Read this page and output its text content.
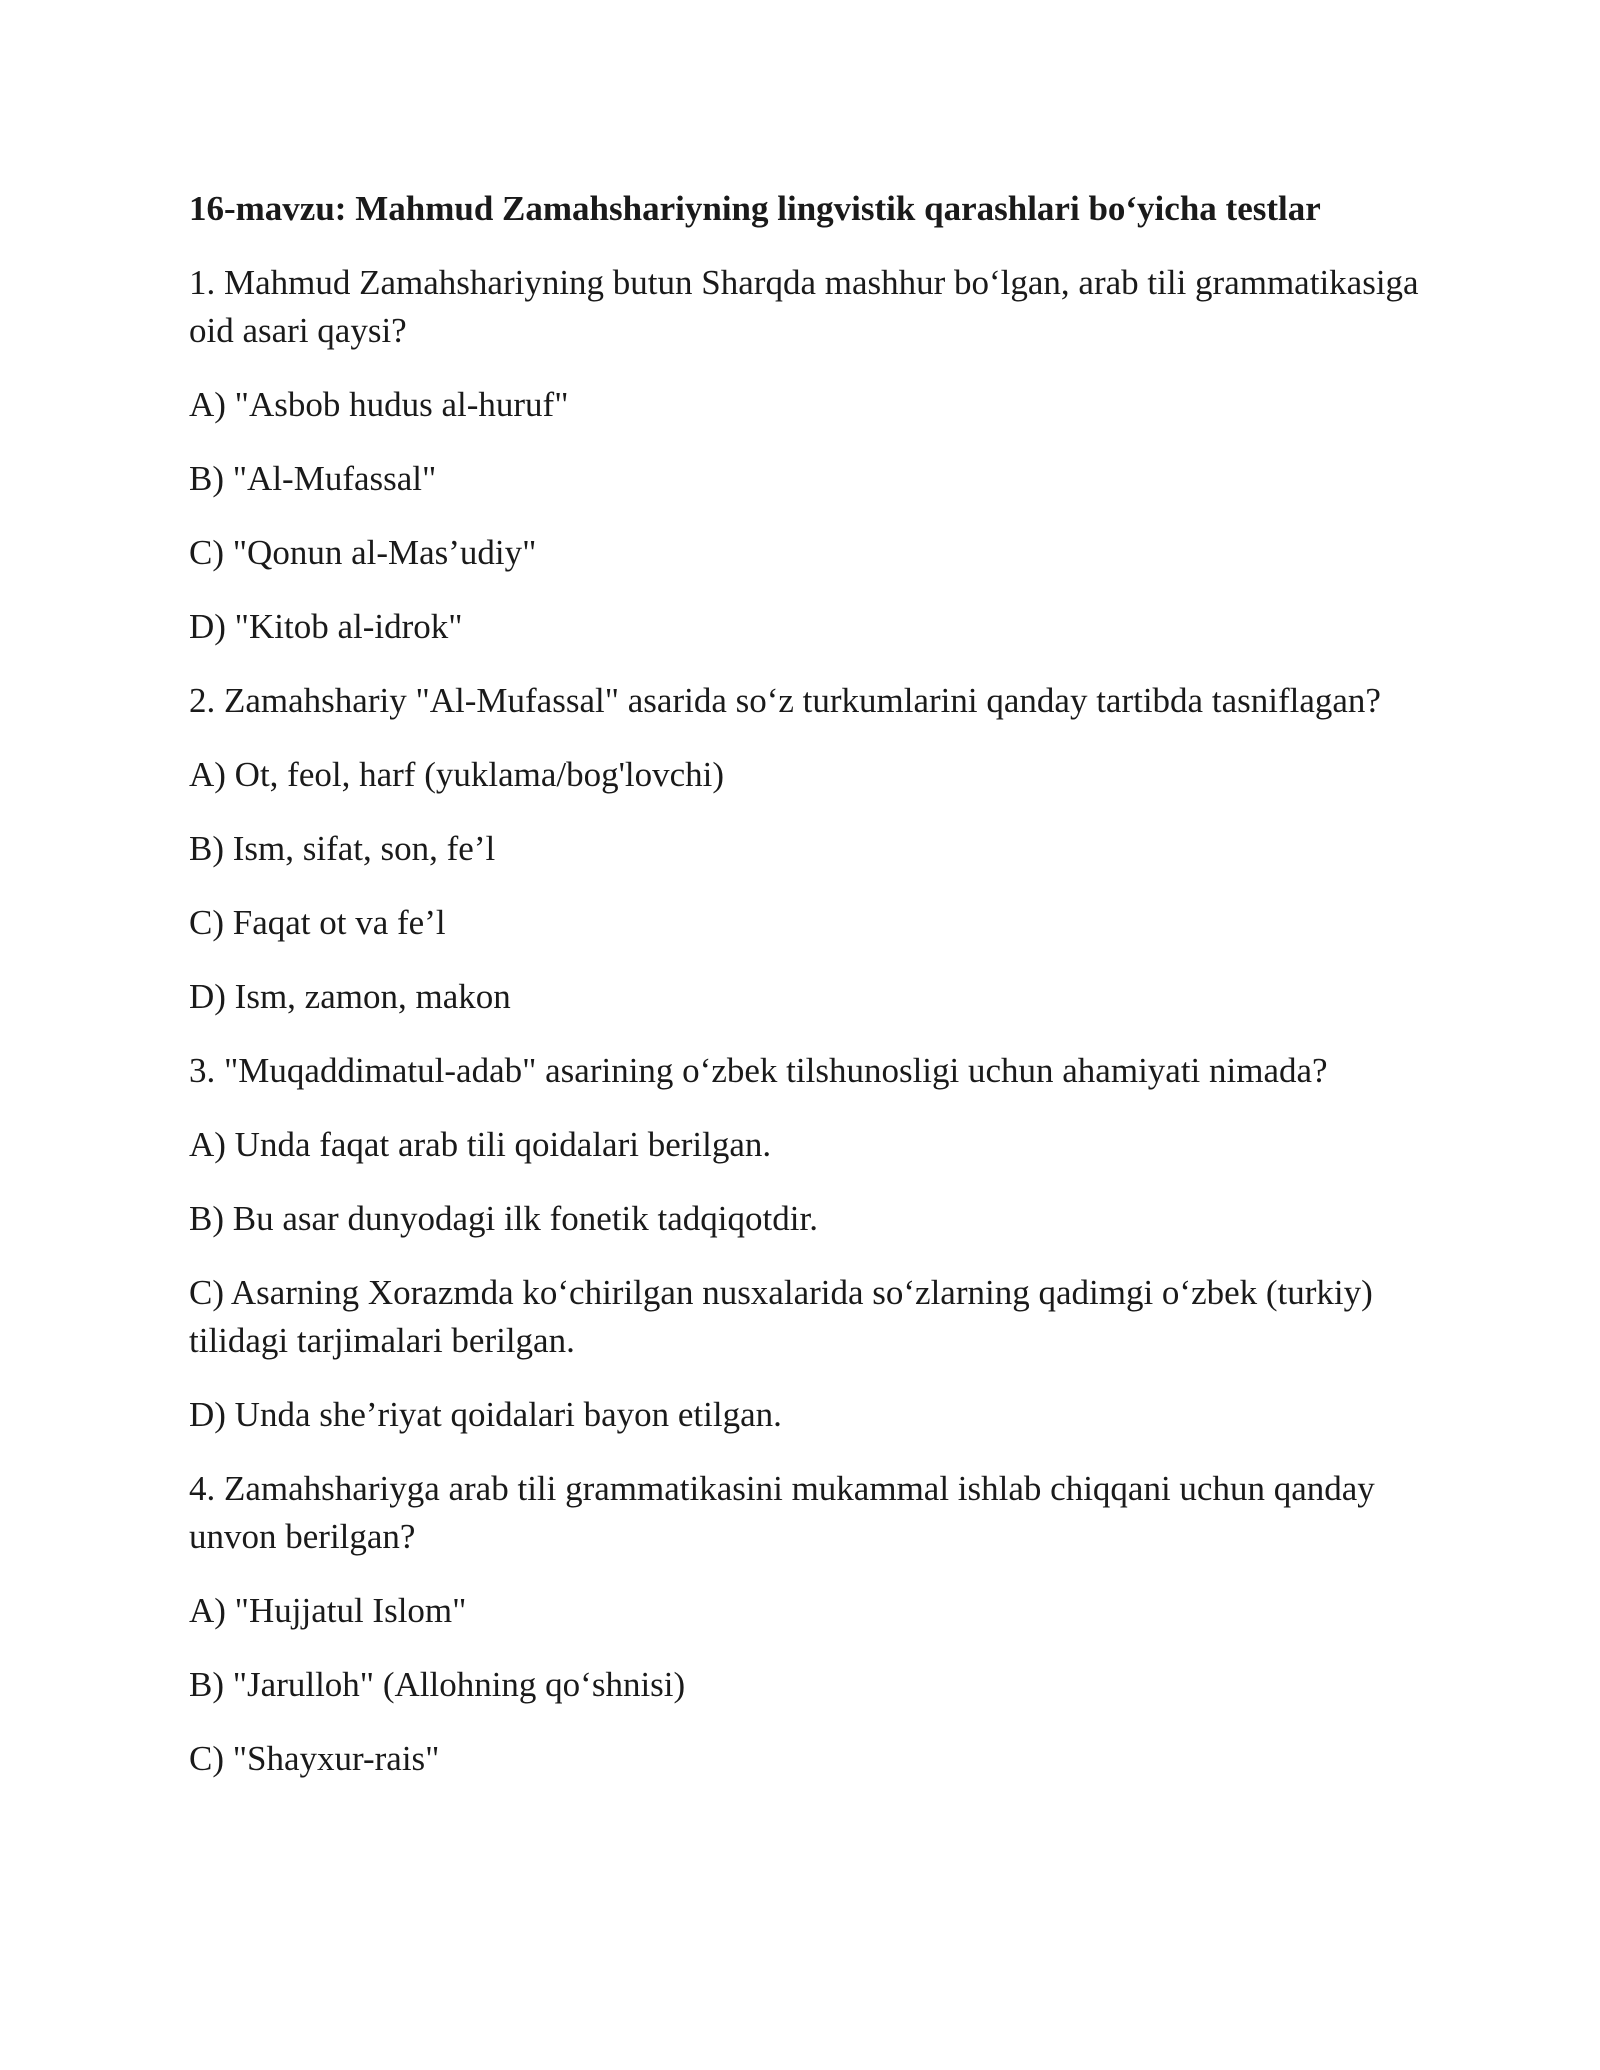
16-mavzu: Mahmud Zamahshariyning lingvistik qarashlari bo‘yicha testlar
1. Mahmud Zamahshariyning butun Sharqda mashhur bo‘lgan, arab tili grammatikasiga oid asari qaysi?
A) "Asbob hudus al-huruf"
B) "Al-Mufassal"
C) "Qonun al-Mas’udiy"
D) "Kitob al-idrok"
2. Zamahshariy "Al-Mufassal" asarida so‘z turkumlarini qanday tartibda tasniflagan?
A) Ot, feol, harf (yuklama/bog'lovchi)
B) Ism, sifat, son, fe’l
C) Faqat ot va fe’l
D) Ism, zamon, makon
3. "Muqaddimatul-adab" asarining o‘zbek tilshunosligi uchun ahamiyati nimada?
A) Unda faqat arab tili qoidalari berilgan.
B) Bu asar dunyodagi ilk fonetik tadqiqotdir.
C) Asarning Xorazmda ko‘chirilgan nusxalarida so‘zlarning qadimgi o‘zbek (turkiy) tilidagi tarjimalari berilgan.
D) Unda she’riyat qoidalari bayon etilgan.
4. Zamahshariyga arab tili grammatikasini mukammal ishlab chiqqani uchun qanday unvon berilgan?
A) "Hujjatul Islom"
B) "Jarulloh" (Allohning qo‘shnisi)
C) "Shayxur-rais"
